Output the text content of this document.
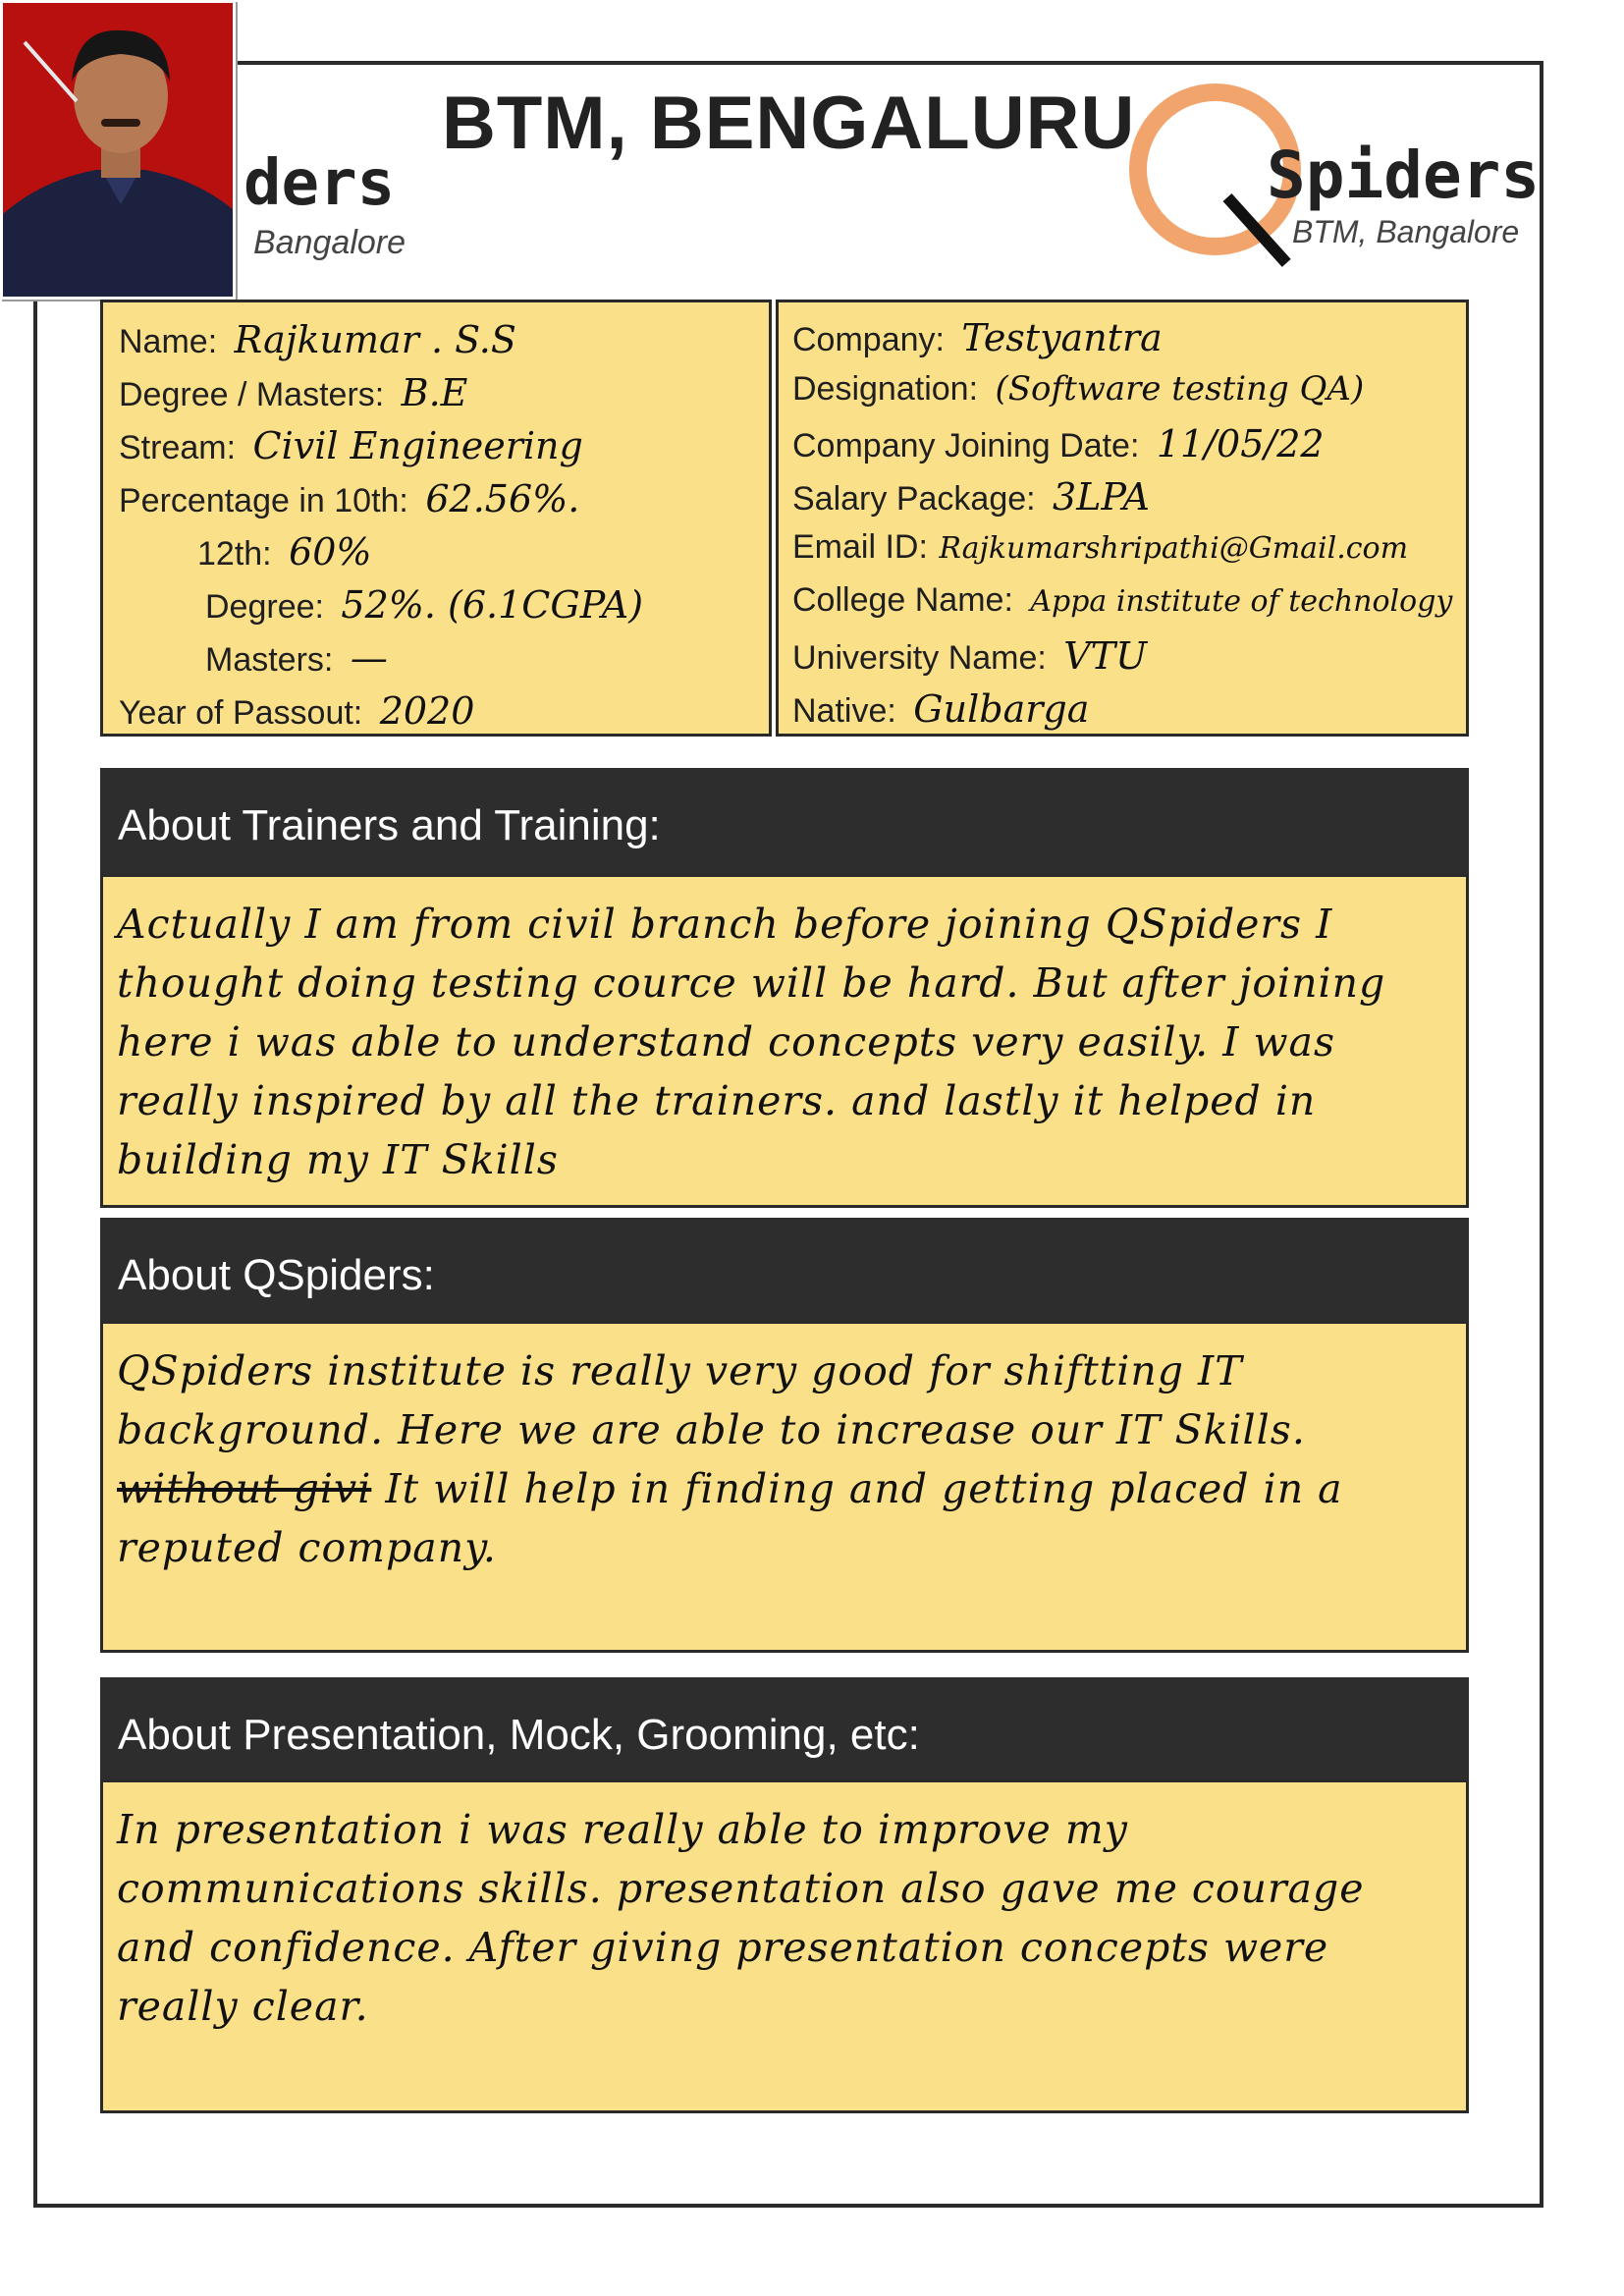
BTM, BENGALURU
ders
Bangalore
Spiders
BTM, Bangalore
Name: Rajkumar . S.S
Degree / Masters: B.E
Stream: Civil Engineering
Percentage in 10th: 62.56%.
12th: 60%
Degree: 52%. (6.1CGPA)
Masters: —
Year of Passout: 2020
Company: Testyantra
Designation: (Software testing QA)
Company Joining Date: 11/05/22
Salary Package: 3LPA
Email ID: Rajkumarshripathi@Gmail.com
College Name: Appa institute of technology
University Name: VTU
Native: Gulbarga
About Trainers and Training:

Actually I am from civil branch before joining QSpiders I thought doing testing cource will be hard. But after joining here i was able to understand concepts very easily. I was really inspired by all the trainers. and lastly it helped in building my IT Skills

About QSpiders:

QSpiders institute is really very good for shiftting IT background. Here we are able to increase our IT Skills. without givi It will help in finding and getting placed in a reputed company.

About Presentation, Mock, Grooming, etc:

In presentation i was really able to improve my communications skills. presentation also gave me courage and confidence. After giving presentation concepts were really clear.
